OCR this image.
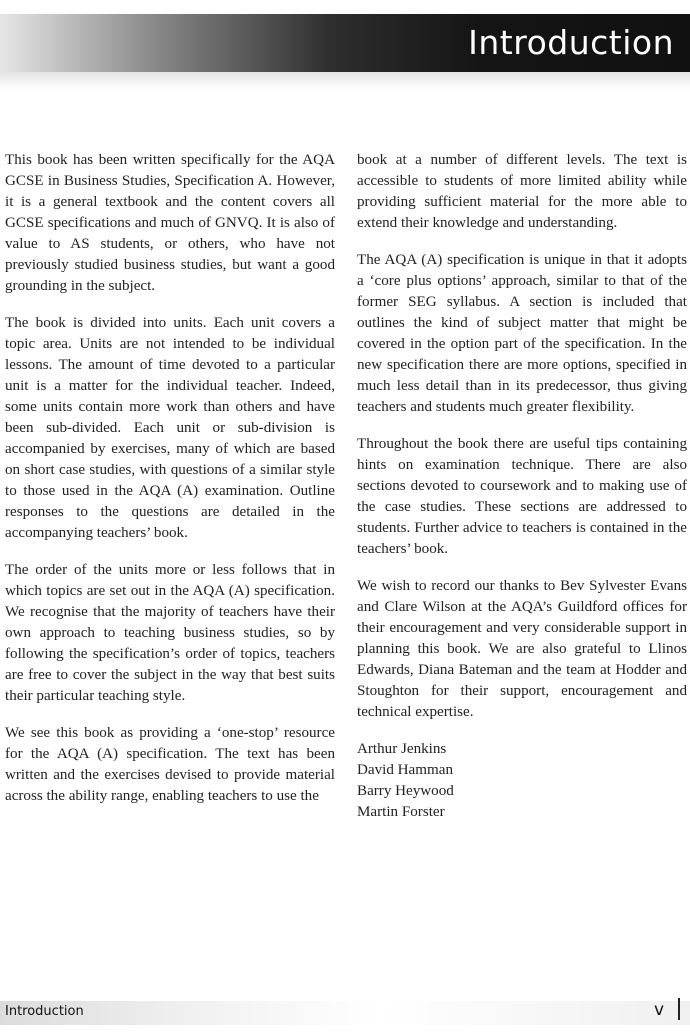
Introduction

This book has been written specifically for the AQA GCSE in Business Studies, Specification A. However, it is a general textbook and the content covers all GCSE specifications and much of GNVQ. It is also of value to AS students, or others, who have not previously studied business studies, but want a good grounding in the subject.

The book is divided into units. Each unit covers a topic area. Units are not intended to be individual lessons. The amount of time devoted to a particular unit is a matter for the individual teacher. Indeed, some units contain more work than others and have been sub-divided. Each unit or sub-division is accompanied by exercises, many of which are based on short case studies, with questions of a similar style to those used in the AQA (A) examination. Outline responses to the questions are detailed in the accompanying teachers’ book.

The order of the units more or less follows that in which topics are set out in the AQA (A) specification. We recognise that the majority of teachers have their own approach to teaching business studies, so by following the specification’s order of topics, teachers are free to cover the subject in the way that best suits their particular teaching style.

We see this book as providing a ‘one-stop’ resource for the AQA (A) specification. The text has been written and the exercises devised to provide material across the ability range, enabling teachers to use the

book at a number of different levels. The text is accessible to students of more limited ability while providing sufficient material for the more able to extend their knowledge and understanding.

The AQA (A) specification is unique in that it adopts a ‘core plus options’ approach, similar to that of the former SEG syllabus. A section is included that outlines the kind of subject matter that might be covered in the option part of the specification. In the new specification there are more options, specified in much less detail than in its predecessor, thus giving teachers and students much greater flexibility.

Throughout the book there are useful tips containing hints on examination technique. There are also sections devoted to coursework and to making use of the case studies. These sections are addressed to students. Further advice to teachers is contained in the teachers’ book.

We wish to record our thanks to Bev Sylvester Evans and Clare Wilson at the AQA’s Guildford offices for their encouragement and very considerable support in planning this book. We are also grateful to Llinos Edwards, Diana Bateman and the team at Hodder and Stoughton for their support, encouragement and technical expertise.

Arthur Jenkins
David Hamman
Barry Heywood
Martin Forster
Introduction	v
